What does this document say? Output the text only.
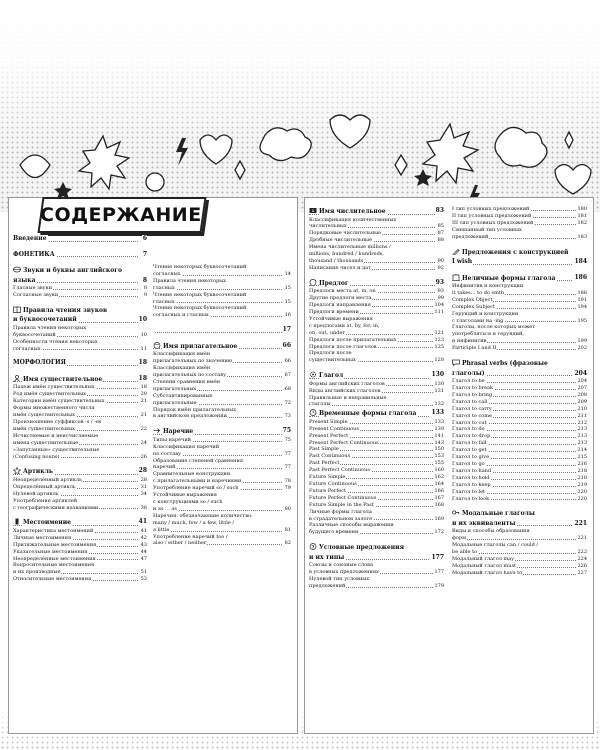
СОДЕРЖАНИЕ
Введение	6
ФОНЕТИКА	7
Звуки и буквы английского
языка	8
Гласные звуки	8
Согласные звуки	9
Правила чтения звуков
и буквосочетаний	10
Правила чтения некоторых
буквосочетаний	10
Особенности чтения некоторых
согласных	11
МОРФОЛОГИЯ	18
Имя существительное	18
Падеж имён существительных	18
Род имён существительных	20
Категории имён существительных	21
Формы множественного числа
имён существительных	21
Произношение суффиксов -s / -es
имён существительных	22
Исчисляемые и неисчисляемые
имена существительные	24
«Запутанные» существительные
(Confusing nouns)	26
Артикль	28
Неопределённый артикль	28
Определённый артикль	31
Нулевой артикль	34
Употребление артиклей
с географическими названиями	38
Местоимение	41
Характеристика местоимений	41
Личные местоимения	42
Притяжательные местоимения	43
Указательные местоимения	44
Неопределённые местоимения	47
Вопросительные местоимения
и их производные	51
Относительные местоимения	53
Чтение некоторых буквосочетаний
согласных	14
Правила чтения некоторых
гласных	15
Чтение некоторых буквосочетаний
гласных	15
Чтение некоторых буквосочетаний
согласных и гласных	16
17
Имя прилагательное	66
Классификация имён
прилагательных по значению	66
Классификация имён
прилагательных по составу	67
Степени сравнения имён
прилагательных	68
Субстантивированные
прилагательные	72
Порядок имён прилагательных
в английском предложении	73
Наречие	75
Типы наречий	75
Классификация наречий
по составу	77
Образование степеней сравнения
наречий	77
Сравнительные конструкции
с прилагательными и наречиями	78
Употребление наречий so / such	79
Устойчивые выражения
с конструкциями so / such
и as ... as	80
Наречия, обозначающие количество:
many / much, few / a few, little /
a little	81
Употребление наречий too /
also / either / neither	82
1 Имя числительное	83
Классификация количественных
числительных	85
Порядковые числительные	87
Дробные числительные	88
Имена числительные millions /
millions, hundred / hundreds,
thousand / thousands	90
Написание чисел и дат	92
Предлог	93
Предлоги места at, in, on	93
Другие предлоги места	99
Предлоги направления	104
Предлоги времени	111
Устойчивые выражения
с предлогами at, by, for, in,
on, out, under	121
Предлоги после прилагательных	123
Предлоги после глаголов	125
Предлоги после
существительных	128
Глагол	130
Формы английских глаголов	130
Виды английских глаголов	131
Правильные и неправильные
глаголы	132
Временные формы глагола	133
Present Simple	133
Present Continuous	139
Present Perfect	141
Present Perfect Continuous	143
Past Simple	150
Past Continuous	153
Past Perfect	155
Past Perfect Continuous	160
Future Simple	162
Future Continuous	164
Future Perfect	166
Future Perfect Continuous	167
Future Simple in the Past	168
Личные формы глагола
в страдательном залоге	169
Различные способы выражения
будущего времени	172
? Условные предложения
и их типы	177
Союзы и союзные слова
в условных предложениях	177
Нулевой тип условных
предложений	179
I тип условных предложений	180
II тип условных предложений	181
III тип условных предложений	182
Смешанный тип условных
предложений	183
Предложения с конструкцией
I wish	184
Неличные формы глагола	186
Инфинитив и конструкции
it takes... to do smth	186
Complex Object	191
Complex Subject	194
Герундий и конструкции
с глаголами на -ing	195
Глаголы, после которых может
употребляться и герундий,
и инфинитив	199
Participle I and II	202
Phrasal verbs (фразовые
глаголы)	204
Глагол to be	204
Глагол to break	207
Глагол to bring	208
Глагол to call	209
Глагол to carry	210
Глагол to come	211
Глагол to cut	212
Глагол to do	213
Глагол to drop	213
Глагол to fall	213
Глагол to get	214
Глагол to give	215
Глагол to go	216
Глагол to hand	218
Глагол to hold	218
Глагол to keep	219
Глагол to let	220
Глагол to look	220
Модальные глаголы
и их эквиваленты	221
Виды и способы образования
форм	221
Модальные глаголы can / could /
be able to	222
Модальный глагол may	224
Модальный глагол must	226
Модальный глагол have to	227
